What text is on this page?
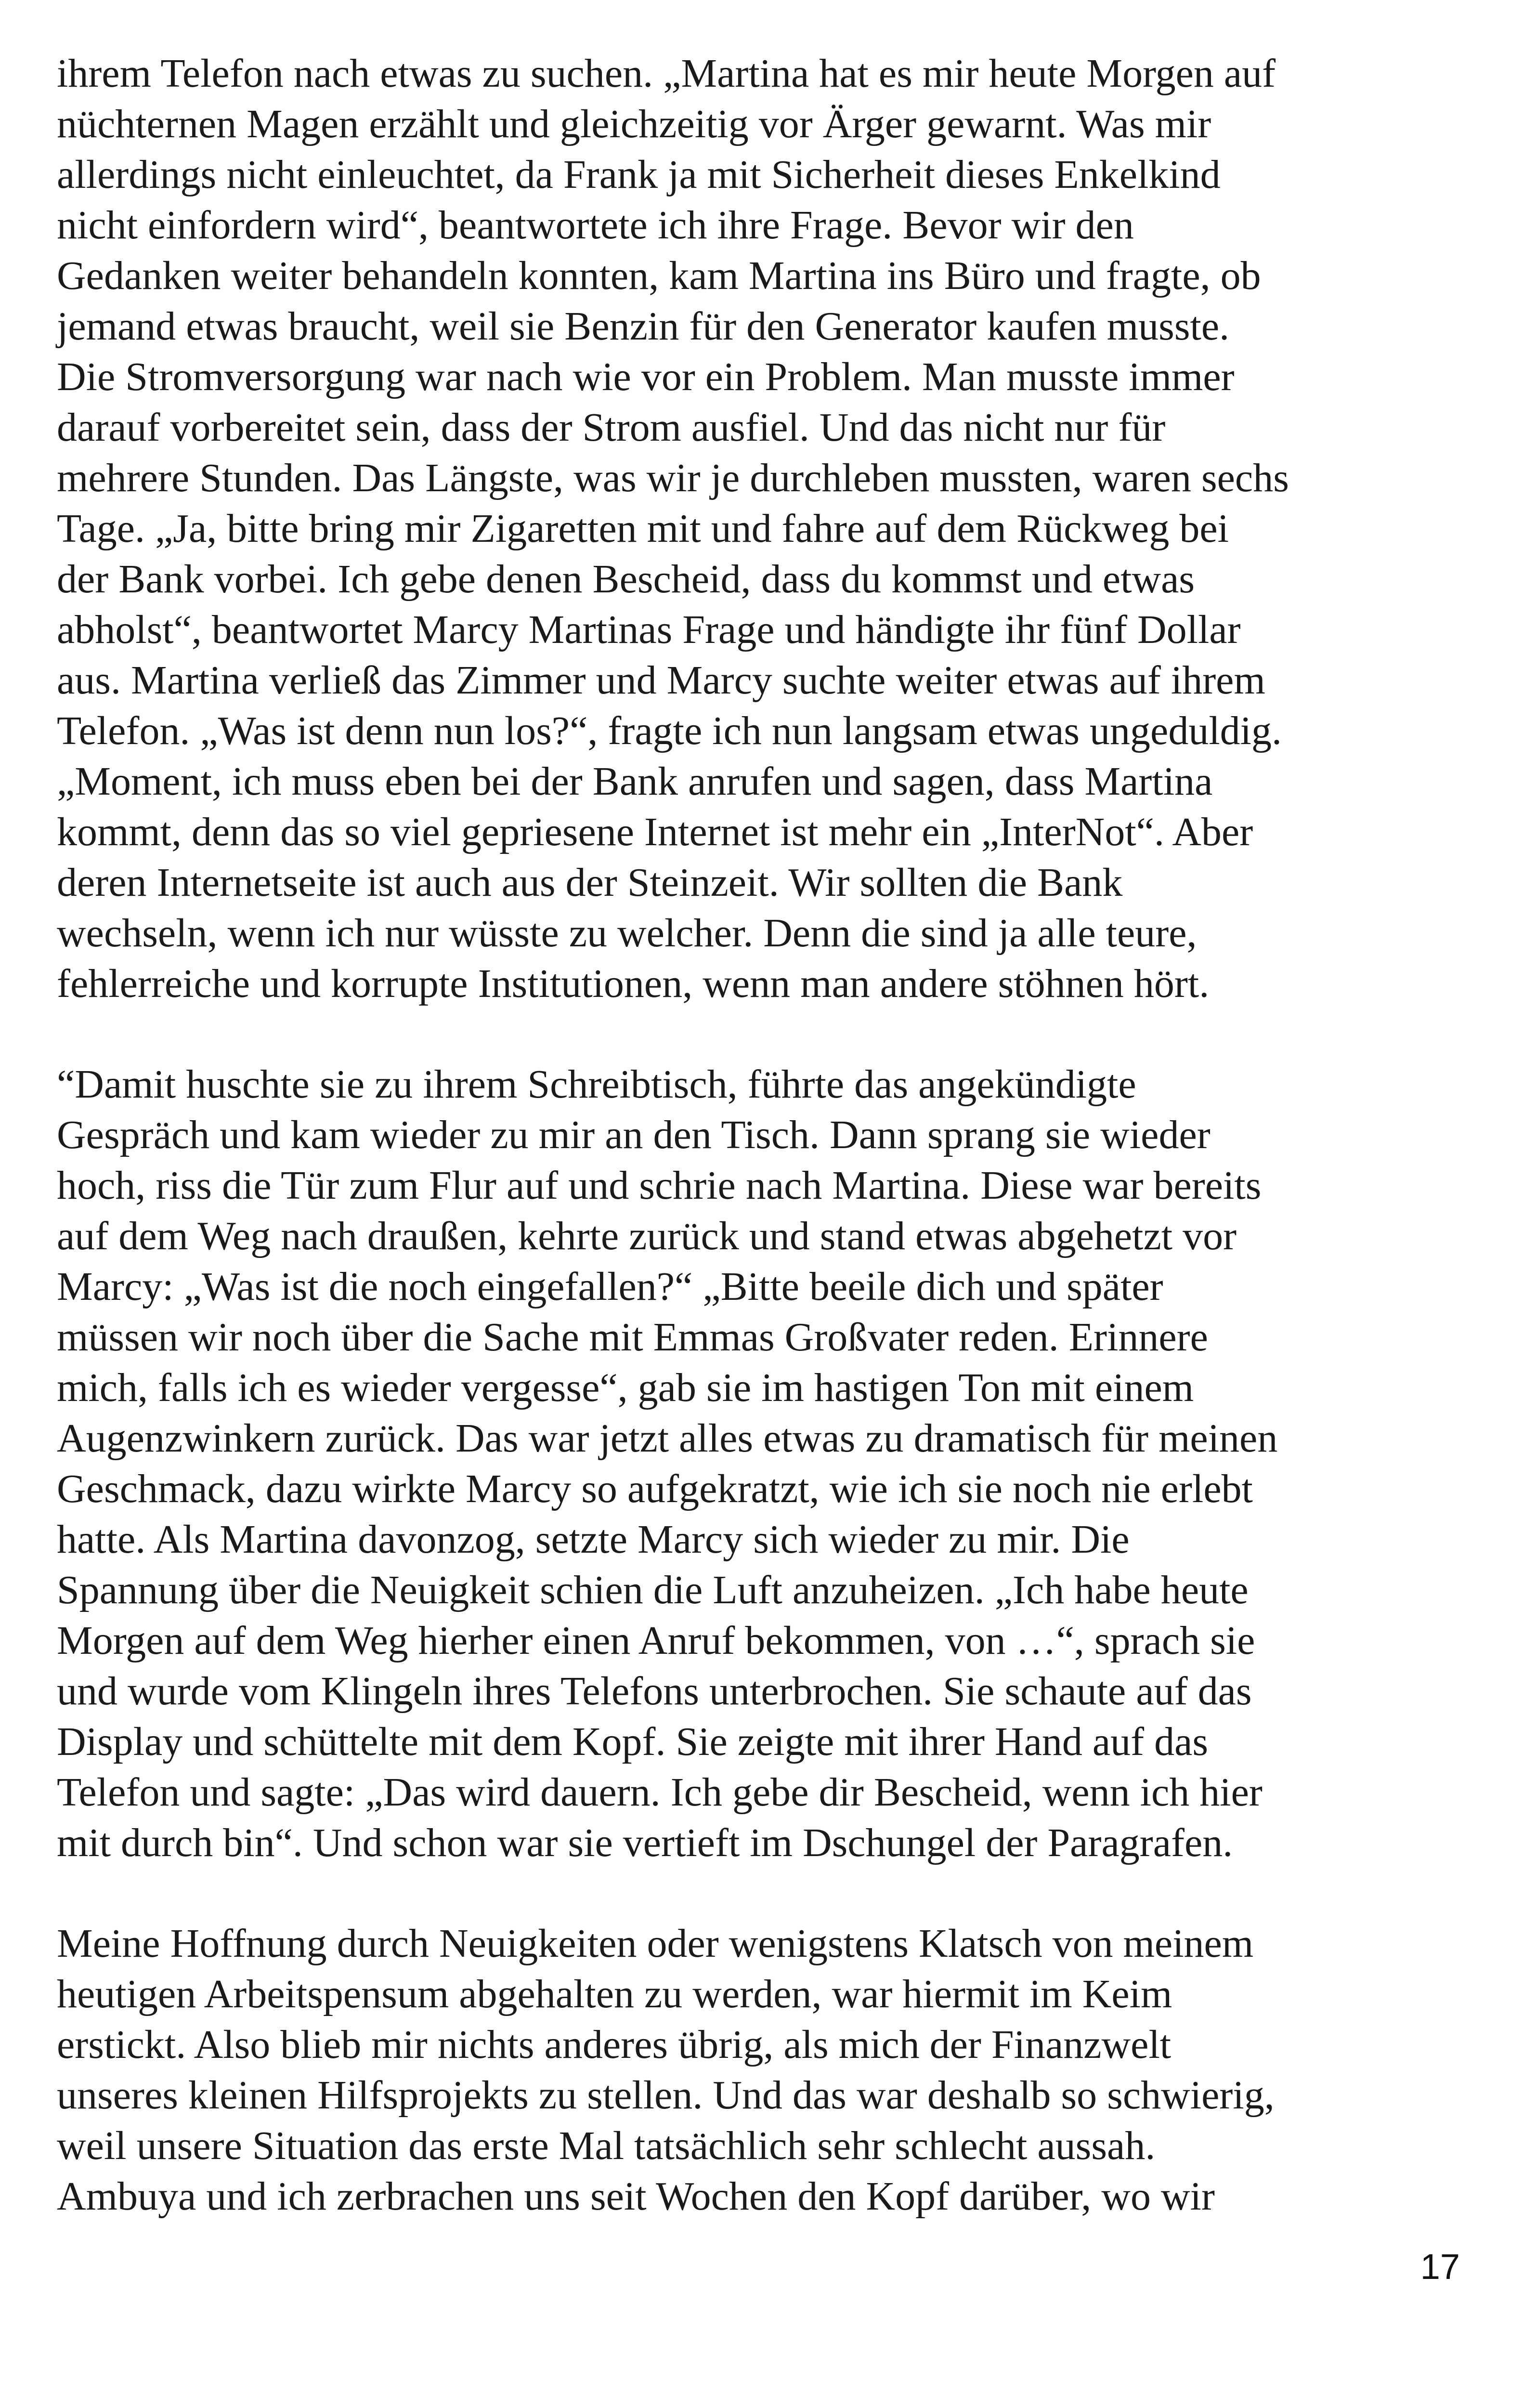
ihrem Telefon nach etwas zu suchen. „Martina hat es mir heute Morgen auf
nüchternen Magen erzählt und gleichzeitig vor Ärger gewarnt. Was mir
allerdings nicht einleuchtet, da Frank ja mit Sicherheit dieses Enkelkind
nicht einfordern wird“, beantwortete ich ihre Frage. Bevor wir den
Gedanken weiter behandeln konnten, kam Martina ins Büro und fragte, ob
jemand etwas braucht, weil sie Benzin für den Generator kaufen musste.
Die Stromversorgung war nach wie vor ein Problem. Man musste immer
darauf vorbereitet sein, dass der Strom ausfiel. Und das nicht nur für
mehrere Stunden. Das Längste, was wir je durchleben mussten, waren sechs
Tage. „Ja, bitte bring mir Zigaretten mit und fahre auf dem Rückweg bei
der Bank vorbei. Ich gebe denen Bescheid, dass du kommst und etwas
abholst“, beantwortet Marcy Martinas Frage und händigte ihr fünf Dollar
aus. Martina verließ das Zimmer und Marcy suchte weiter etwas auf ihrem
Telefon. „Was ist denn nun los?“, fragte ich nun langsam etwas ungeduldig.
„Moment, ich muss eben bei der Bank anrufen und sagen, dass Martina
kommt, denn das so viel gepriesene Internet ist mehr ein „InterNot“. Aber
deren Internetseite ist auch aus der Steinzeit. Wir sollten die Bank
wechseln, wenn ich nur wüsste zu welcher. Denn die sind ja alle teure,
fehlerreiche und korrupte Institutionen, wenn man andere stöhnen hört.

“Damit huschte sie zu ihrem Schreibtisch, führte das angekündigte
Gespräch und kam wieder zu mir an den Tisch. Dann sprang sie wieder
hoch, riss die Tür zum Flur auf und schrie nach Martina. Diese war bereits
auf dem Weg nach draußen, kehrte zurück und stand etwas abgehetzt vor
Marcy: „Was ist die noch eingefallen?“ „Bitte beeile dich und später
müssen wir noch über die Sache mit Emmas Großvater reden. Erinnere
mich, falls ich es wieder vergesse“, gab sie im hastigen Ton mit einem
Augenzwinkern zurück. Das war jetzt alles etwas zu dramatisch für meinen
Geschmack, dazu wirkte Marcy so aufgekratzt, wie ich sie noch nie erlebt
hatte. Als Martina davonzog, setzte Marcy sich wieder zu mir. Die
Spannung über die Neuigkeit schien die Luft anzuheizen. „Ich habe heute
Morgen auf dem Weg hierher einen Anruf bekommen, von …“, sprach sie
und wurde vom Klingeln ihres Telefons unterbrochen. Sie schaute auf das
Display und schüttelte mit dem Kopf. Sie zeigte mit ihrer Hand auf das
Telefon und sagte: „Das wird dauern. Ich gebe dir Bescheid, wenn ich hier
mit durch bin“. Und schon war sie vertieft im Dschungel der Paragrafen.

Meine Hoffnung durch Neuigkeiten oder wenigstens Klatsch von meinem
heutigen Arbeitspensum abgehalten zu werden, war hiermit im Keim
erstickt. Also blieb mir nichts anderes übrig, als mich der Finanzwelt
unseres kleinen Hilfsprojekts zu stellen. Und das war deshalb so schwierig,
weil unsere Situation das erste Mal tatsächlich sehr schlecht aussah.
Ambuya und ich zerbrachen uns seit Wochen den Kopf darüber, wo wir

17
